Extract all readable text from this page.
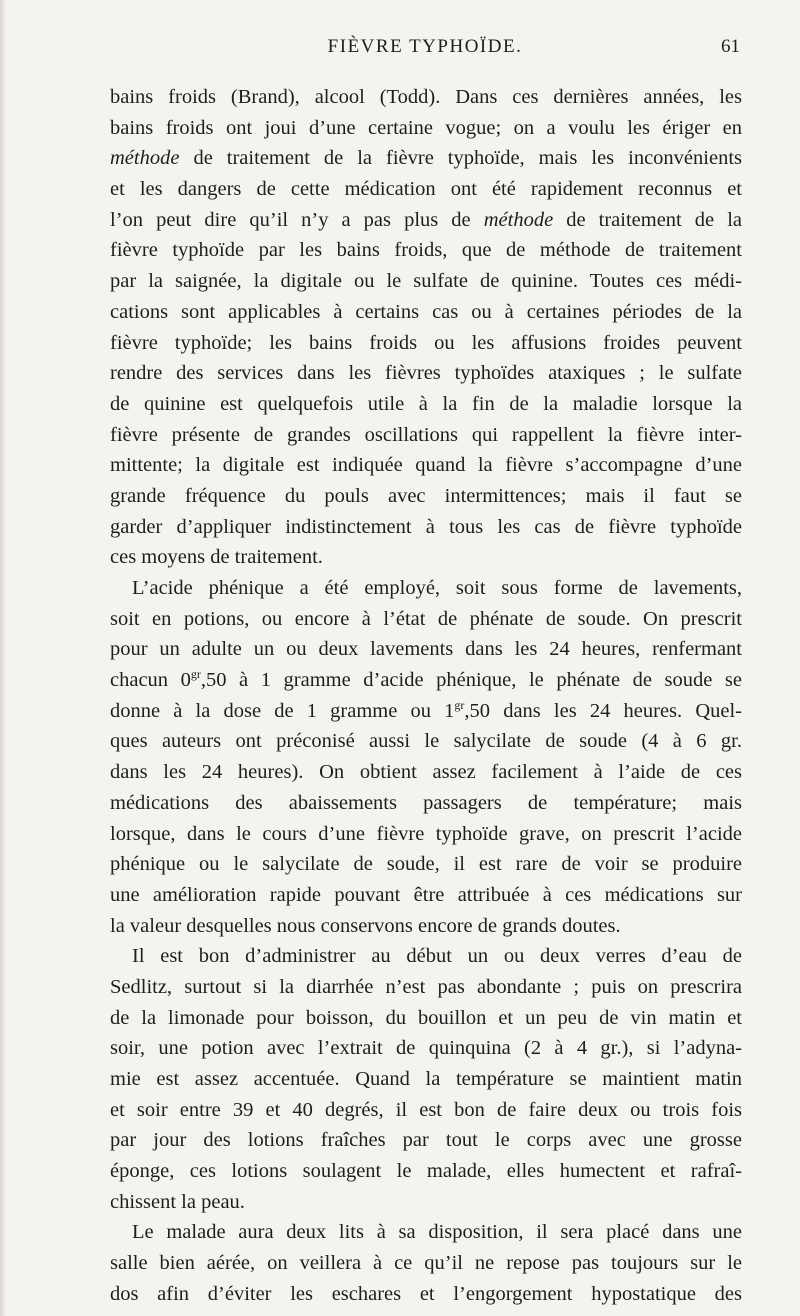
FIÈVRE TYPHOÏDE.	61
bains froids (Brand), alcool (Todd). Dans ces dernières années, les
bains froids ont joui d’une certaine vogue; on a voulu les ériger en
méthode de traitement de la fièvre typhoïde, mais les inconvénients
et les dangers de cette médication ont été rapidement reconnus et
l’on peut dire qu’il n’y a pas plus de méthode de traitement de la
fièvre typhoïde par les bains froids, que de méthode de traitement
par la saignée, la digitale ou le sulfate de quinine. Toutes ces médi-
cations sont applicables à certains cas ou à certaines périodes de la
fièvre typhoïde; les bains froids ou les affusions froides peuvent
rendre des services dans les fièvres typhoïdes ataxiques ; le sulfate
de quinine est quelquefois utile à la fin de la maladie lorsque la
fièvre présente de grandes oscillations qui rappellent la fièvre inter-
mittente; la digitale est indiquée quand la fièvre s’accompagne d’une
grande fréquence du pouls avec intermittences; mais il faut se
garder d’appliquer indistinctement à tous les cas de fièvre typhoïde
ces moyens de traitement.
L’acide phénique a été employé, soit sous forme de lavements,
soit en potions, ou encore à l’état de phénate de soude. On prescrit
pour un adulte un ou deux lavements dans les 24 heures, renfermant
chacun $0^{gr},50$ à 1 gramme d’acide phénique, le phénate de soude se
donne à la dose de 1 gramme ou $1^{gr},50$ dans les 24 heures. Quel-
ques auteurs ont préconisé aussi le salycilate de soude (4 à 6 gr.
dans les 24 heures). On obtient assez facilement à l’aide de ces
médications des abaissements passagers de température; mais
lorsque, dans le cours d’une fièvre typhoïde grave, on prescrit l’acide
phénique ou le salycilate de soude, il est rare de voir se produire
une amélioration rapide pouvant être attribuée à ces médications sur
la valeur desquelles nous conservons encore de grands doutes.
Il est bon d’administrer au début un ou deux verres d’eau de
Sedlitz, surtout si la diarrhée n’est pas abondante ; puis on prescrira
de la limonade pour boisson, du bouillon et un peu de vin matin et
soir, une potion avec l’extrait de quinquina (2 à 4 gr.), si l’adyna-
mie est assez accentuée. Quand la température se maintient matin
et soir entre 39 et 40 degrés, il est bon de faire deux ou trois fois
par jour des lotions fraîches par tout le corps avec une grosse
éponge, ces lotions soulagent le malade, elles humectent et rafraî-
chissent la peau.
Le malade aura deux lits à sa disposition, il sera placé dans une
salle bien aérée, on veillera à ce qu’il ne repose pas toujours sur le
dos afin d’éviter les eschares et l’engorgement hypostatique des
